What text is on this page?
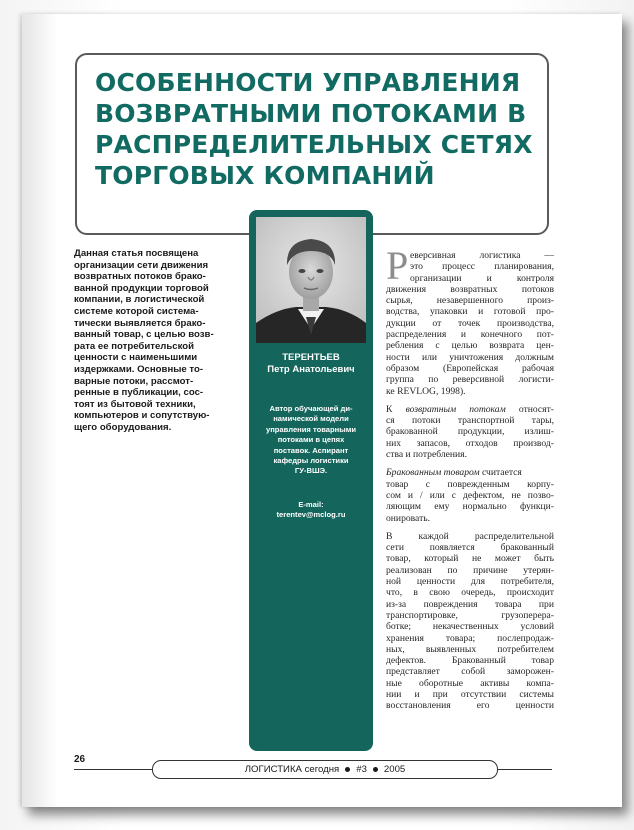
ОСОБЕННОСТИ УПРАВЛЕНИЯ
ВОЗВРАТНЫМИ ПОТОКАМИ В
РАСПРЕДЕЛИТЕЛЬНЫХ СЕТЯХ
ТОРГОВЫХ КОМПАНИЙ
Данная статья посвящена
организации сети движения
возвратных потоков брако-
ванной продукции торговой
компании, в логистической
системе которой система-
тически выявляется брако-
ванный товар, с целью возв-
рата ее потребительской
ценности с наименьшими
издержками. Основные то-
варные потоки, рассмот-
ренные в публикации, сос-
тоят из бытовой техники,
компьютеров и сопутствую-
щего оборудования.
ТЕРЕНТЬЕВ
Петр Анатольевич
Автор обучающей ди-
намической модели
управления товарными
потоками в цепях
поставок. Аспирант
кафедры логистики
ГУ-ВШЭ.
E-mail:
terentev@mclog.ru
Р еверсивная логистика —
это процесс планирования,
организации и контроля
движения возвратных потоков
сырья, незавершенного произ-
водства, упаковки и готовой про-
дукции от точек производства,
распределения и конечного пот-
ребления с целью возврата цен-
ности или уничтожения должным
образом (Европейская рабочая
группа по реверсивной логисти-
ке REVLOG, 1998).
К возвратным потокам относят-
ся потоки транспортной тары,
бракованной продукции, излиш-
них запасов, отходов производ-
ства и потребления.
Бракованным товаром считается
товар с поврежденным корпу-
сом и / или с дефектом, не позво-
ляющим ему нормально функци-
онировать.
В каждой распределительной
сети появляется бракованный
товар, который не может быть
реализован по причине утерян-
ной ценности для потребителя,
что, в свою очередь, происходит
из-за повреждения товара при
транспортировке, грузоперера-
ботке; некачественных условий
хранения товара; послепродаж-
ных, выявленных потребителем
дефектов. Бракованный товар
представляет собой заморожен-
ные оборотные активы компа-
нии и при отсутствии системы
восстановления его ценности
26
ЛОГИСТИКА сегодня #3 2005
